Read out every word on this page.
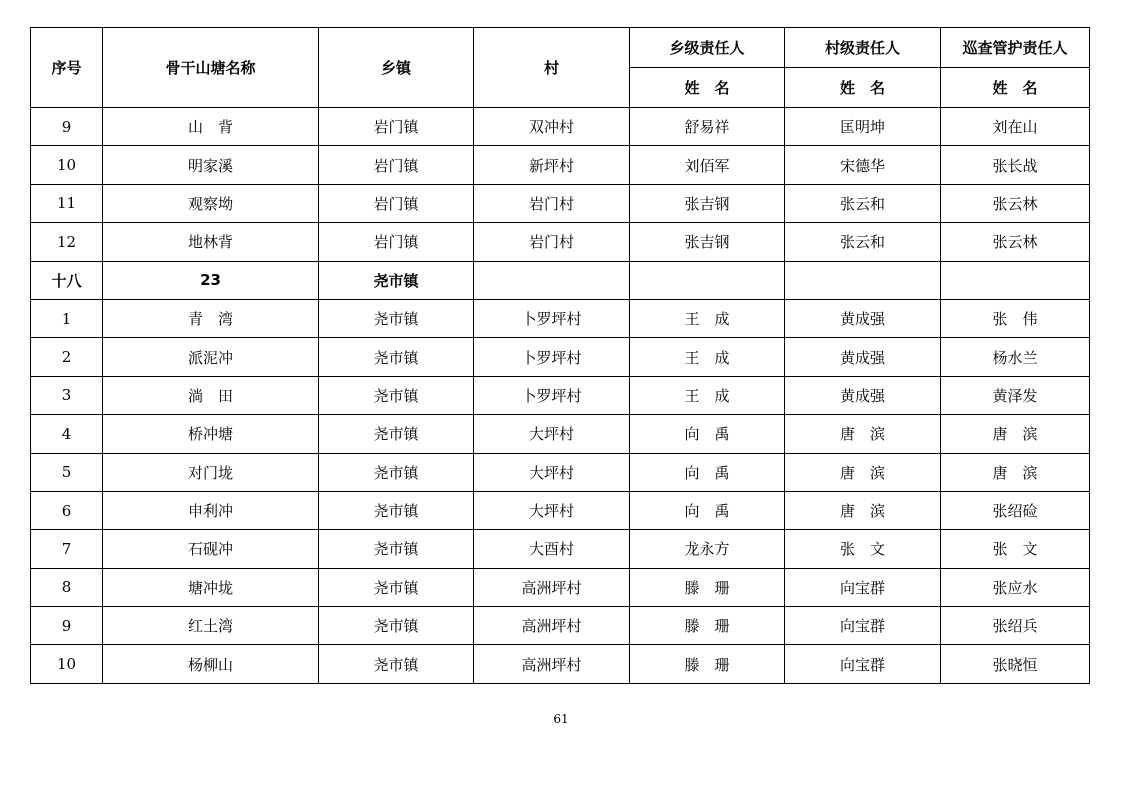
序号	骨干山塘名称	乡镇	村	乡级责任人	村级责任人	巡查管护责任人
				姓　名	姓　名	姓　名
9	山　背	岩门镇	双冲村	舒易祥	匡明坤	刘在山
10	明家溪	岩门镇	新坪村	刘佰军	宋德华	张长战
11	观察坳	岩门镇	岩门村	张吉钢	张云和	张云林
12	地林背	岩门镇	岩门村	张吉钢	张云和	张云林
十八	23	尧市镇				
1	青　湾	尧市镇	卜罗坪村	王　成	黄成强	张　伟
2	派泥冲	尧市镇	卜罗坪村	王　成	黄成强	杨水兰
3	淌　田	尧市镇	卜罗坪村	王　成	黄成强	黄泽发
4	桥冲塘	尧市镇	大坪村	向　禹	唐　滨	唐　滨
5	对门垅	尧市镇	大坪村	向　禹	唐　滨	唐　滨
6	申利冲	尧市镇	大坪村	向　禹	唐　滨	张绍硷
7	石砚冲	尧市镇	大酉村	龙永方	张　文	张　文
8	塘冲垅	尧市镇	高洲坪村	滕　珊	向宝群	张应水
9	红土湾	尧市镇	高洲坪村	滕　珊	向宝群	张绍兵
10	杨柳山	尧市镇	高洲坪村	滕　珊	向宝群	张晓恒
61
